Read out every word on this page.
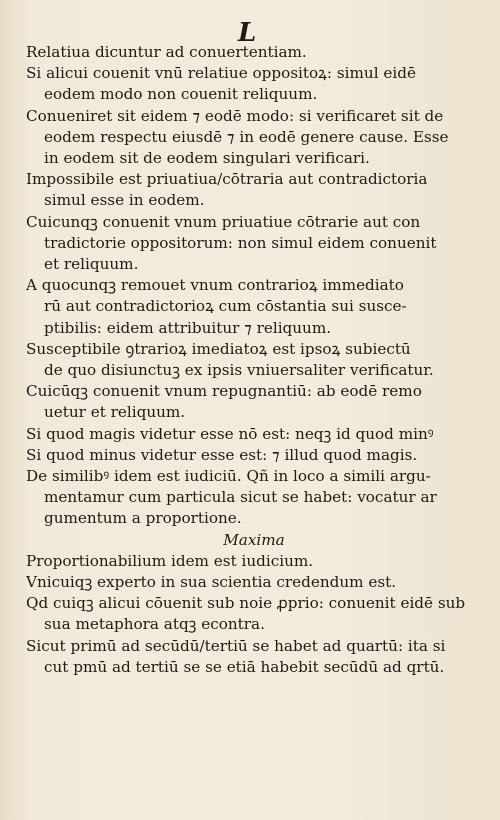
L
Relatiua dicuntur ad conuertentiam.
Si alicui couenit vnū relatiue oppositoꝝ: simul eidē
eodem modo non couenit reliquum.
Conueniret sit eidem ⁊ eodē modo: si verificaret sit de
eodem respectu eiusdē ⁊ in eodē genere cause. Esse
in eodem sit de eodem singulari verificari.
Impossibile est priuatiua/cōtraria aut contradictoria
simul esse in eodem.
Cuicunqꝫ conuenit vnum priuatiue cōtrarie aut con
tradictorie oppositorum: non simul eidem conuenit
et reliquum.
A quocunqꝫ remouet vnum contrarioꝝ immediato
rū aut contradictorioꝝ cum cōstantia sui susce-
ptibilis: eidem attribuitur ⁊ reliquum.
Susceptibile ꝯtrarioꝝ imediatoꝝ est ipsoꝝ subiectū
de quo disiunctuꝫ ex ipsis vniuersaliter verificatur.
Cuicūqꝫ conuenit vnum repugnantiū: ab eodē remo
uetur et reliquum.
Si quod magis videtur esse nō est: neqꝫ id quod minꝰ
Si quod minus videtur esse est: ⁊ illud quod magis.
De similibꝰ idem est iudiciū. Qñ in loco a simili argu-
mentamur cum particula sicut se habet: vocatur ar
gumentum a proportione.
Maxima
Proportionabilium idem est iudicium.
Vnicuiqꝫ experto in sua scientia credendum est.
Qd cuiqꝫ alicui cōuenit sub noie ꝓprio: conuenit eidē sub
sua metaphora atqꝫ econtra.
Sicut primū ad secūdū/tertiū se habet ad quartū: ita si
cut pmū ad tertiū se se etiā habebit secūdū ad qrtū.
